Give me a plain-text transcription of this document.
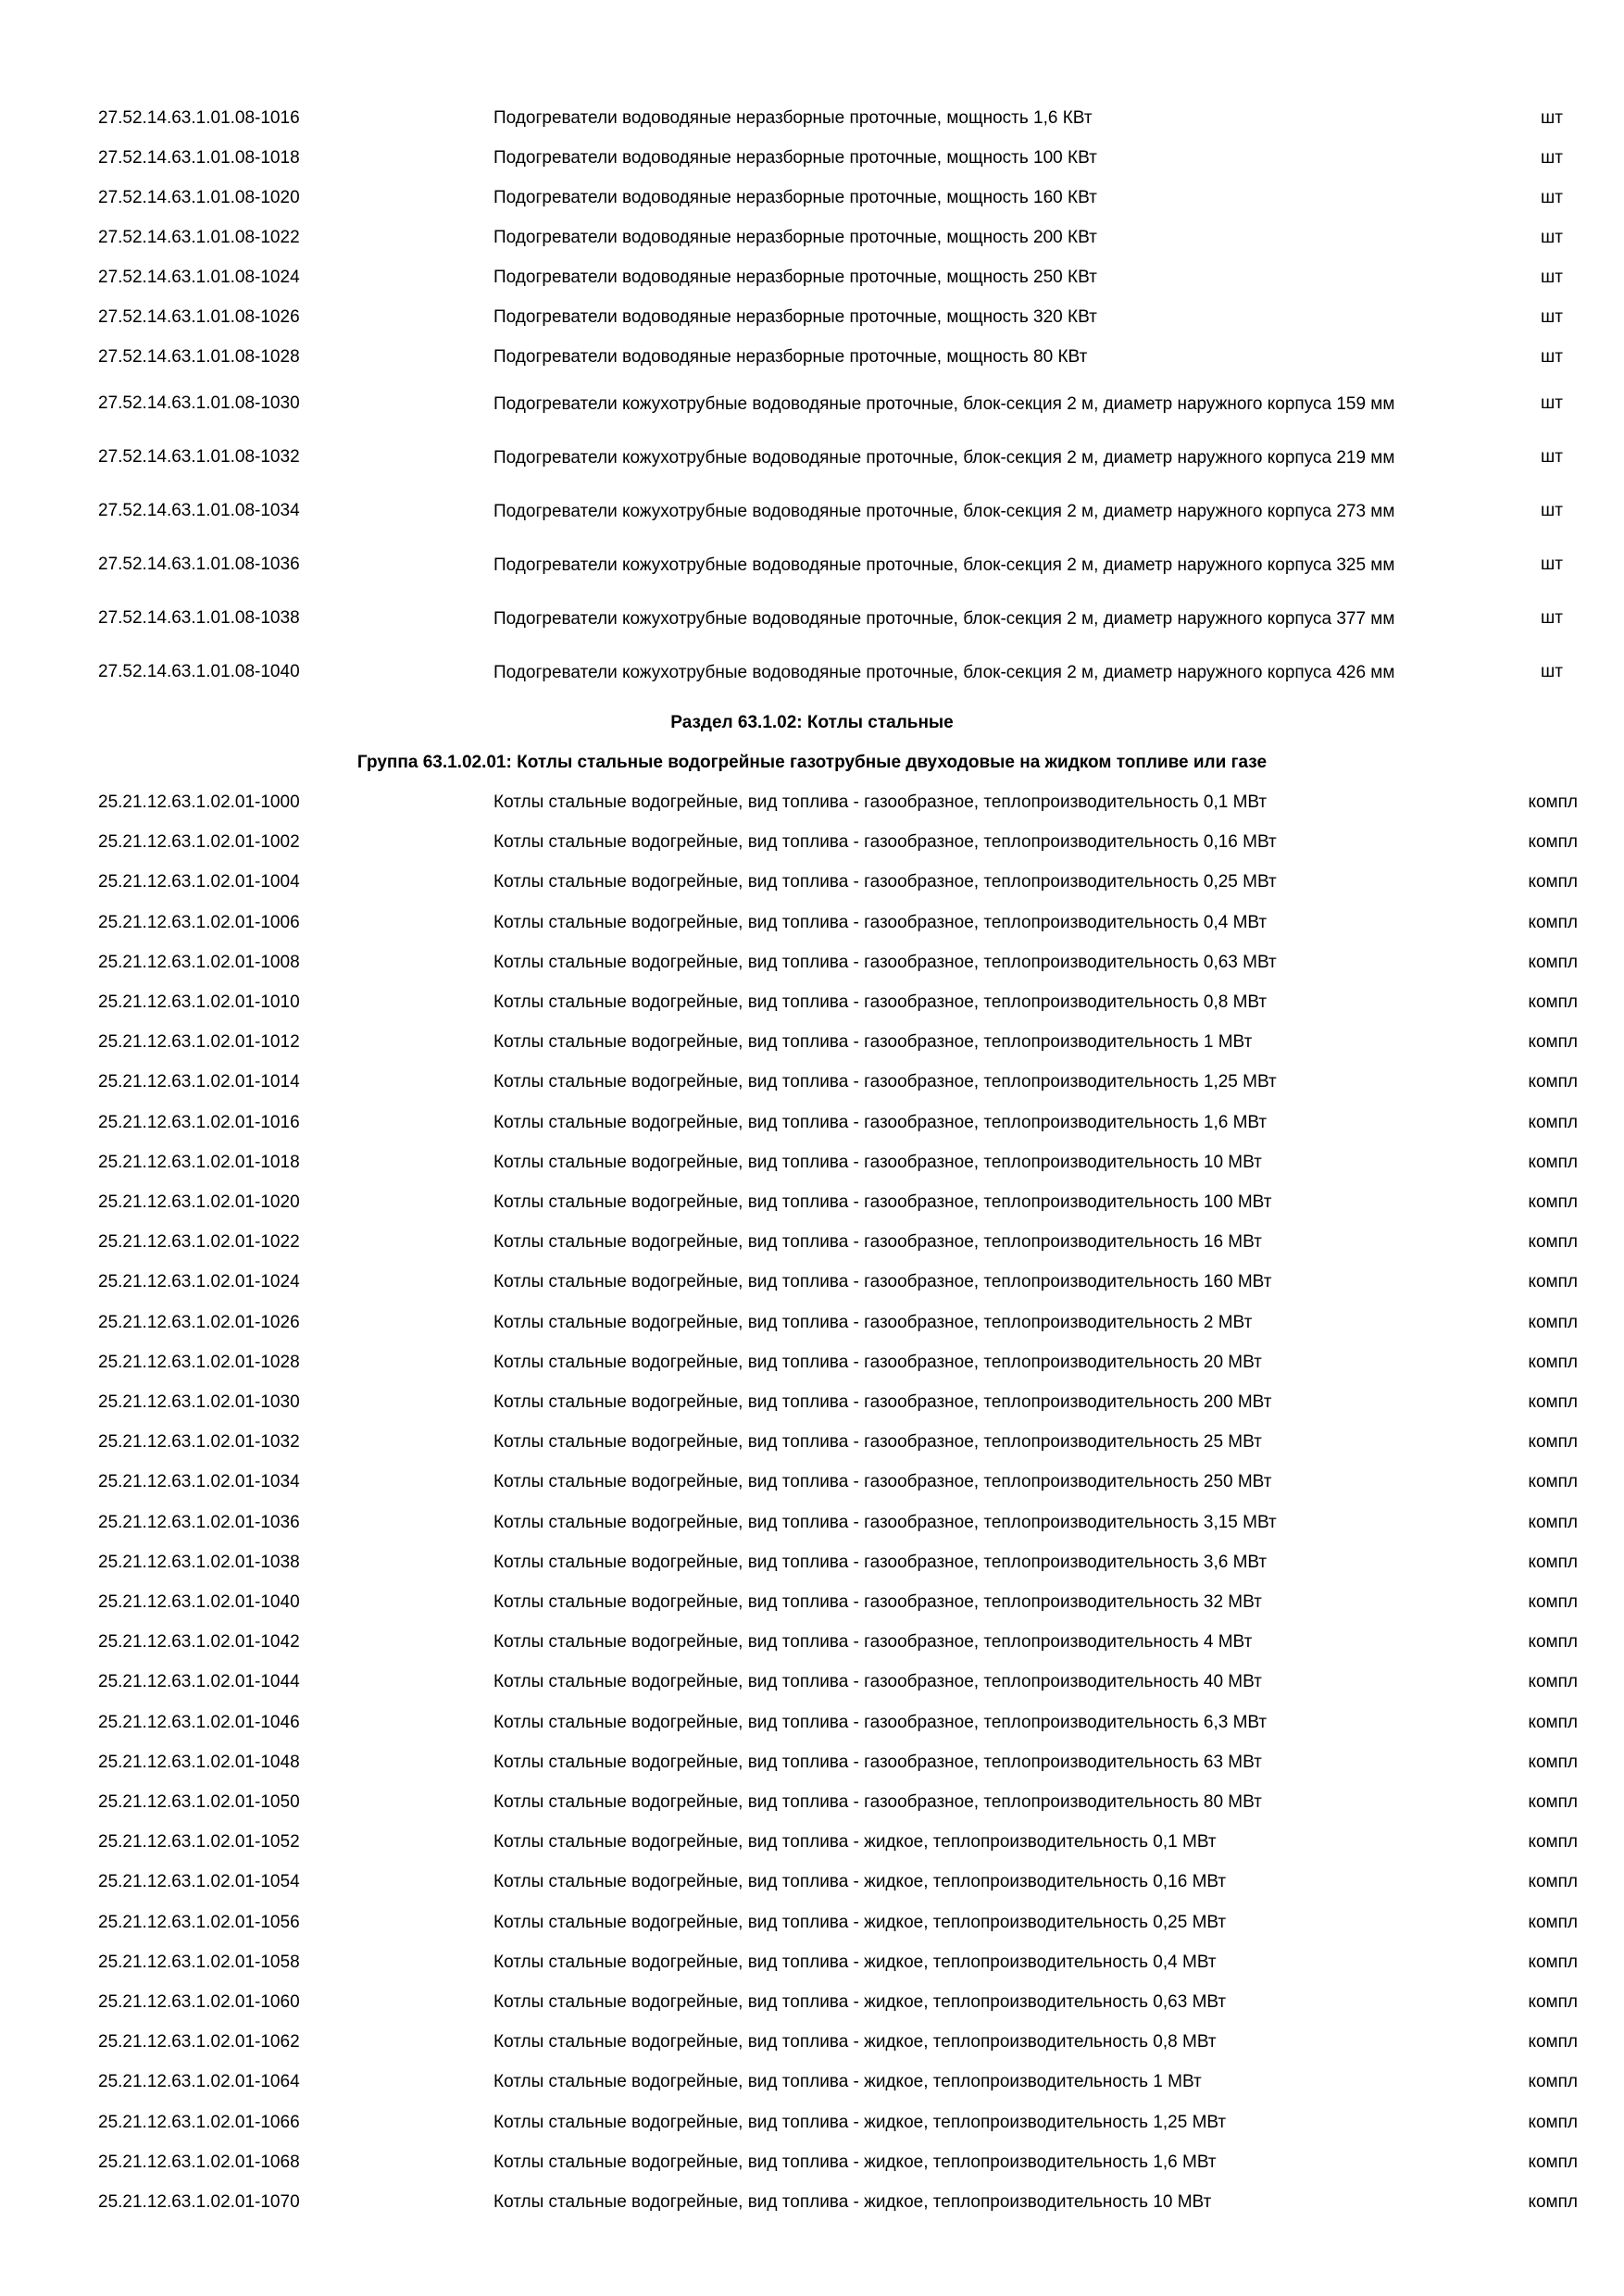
27.52.14.63.1.01.08-1016	Подогреватели водоводяные неразборные проточные, мощность 1,6 КВт	шт
27.52.14.63.1.01.08-1018	Подогреватели водоводяные неразборные проточные, мощность 100 КВт	шт
27.52.14.63.1.01.08-1020	Подогреватели водоводяные неразборные проточные, мощность 160 КВт	шт
27.52.14.63.1.01.08-1022	Подогреватели водоводяные неразборные проточные, мощность 200 КВт	шт
27.52.14.63.1.01.08-1024	Подогреватели водоводяные неразборные проточные, мощность 250 КВт	шт
27.52.14.63.1.01.08-1026	Подогреватели водоводяные неразборные проточные, мощность 320 КВт	шт
27.52.14.63.1.01.08-1028	Подогреватели водоводяные неразборные проточные, мощность 80 КВт	шт
27.52.14.63.1.01.08-1030	Подогреватели кожухотрубные водоводяные проточные, блок-секция 2 м, диаметр наружного корпуса 159 мм	шт
27.52.14.63.1.01.08-1032	Подогреватели кожухотрубные водоводяные проточные, блок-секция 2 м, диаметр наружного корпуса 219 мм	шт
27.52.14.63.1.01.08-1034	Подогреватели кожухотрубные водоводяные проточные, блок-секция 2 м, диаметр наружного корпуса 273 мм	шт
27.52.14.63.1.01.08-1036	Подогреватели кожухотрубные водоводяные проточные, блок-секция 2 м, диаметр наружного корпуса 325 мм	шт
27.52.14.63.1.01.08-1038	Подогреватели кожухотрубные водоводяные проточные, блок-секция 2 м, диаметр наружного корпуса 377 мм	шт
27.52.14.63.1.01.08-1040	Подогреватели кожухотрубные водоводяные проточные, блок-секция 2 м, диаметр наружного корпуса 426 мм	шт
Раздел 63.1.02: Котлы стальные
Группа 63.1.02.01: Котлы стальные водогрейные газотрубные двуходовые на жидком топливе или газе
25.21.12.63.1.02.01-1000	Котлы стальные водогрейные, вид топлива - газообразное, теплопроизводительность 0,1 МВт	компл
25.21.12.63.1.02.01-1002	Котлы стальные водогрейные, вид топлива - газообразное, теплопроизводительность 0,16 МВт	компл
25.21.12.63.1.02.01-1004	Котлы стальные водогрейные, вид топлива - газообразное, теплопроизводительность 0,25 МВт	компл
25.21.12.63.1.02.01-1006	Котлы стальные водогрейные, вид топлива - газообразное, теплопроизводительность 0,4 МВт	компл
25.21.12.63.1.02.01-1008	Котлы стальные водогрейные, вид топлива - газообразное, теплопроизводительность 0,63 МВт	компл
25.21.12.63.1.02.01-1010	Котлы стальные водогрейные, вид топлива - газообразное, теплопроизводительность 0,8 МВт	компл
25.21.12.63.1.02.01-1012	Котлы стальные водогрейные, вид топлива - газообразное, теплопроизводительность 1 МВт	компл
25.21.12.63.1.02.01-1014	Котлы стальные водогрейные, вид топлива - газообразное, теплопроизводительность 1,25 МВт	компл
25.21.12.63.1.02.01-1016	Котлы стальные водогрейные, вид топлива - газообразное, теплопроизводительность 1,6 МВт	компл
25.21.12.63.1.02.01-1018	Котлы стальные водогрейные, вид топлива - газообразное, теплопроизводительность 10 МВт	компл
25.21.12.63.1.02.01-1020	Котлы стальные водогрейные, вид топлива - газообразное, теплопроизводительность 100 МВт	компл
25.21.12.63.1.02.01-1022	Котлы стальные водогрейные, вид топлива - газообразное, теплопроизводительность 16 МВт	компл
25.21.12.63.1.02.01-1024	Котлы стальные водогрейные, вид топлива - газообразное, теплопроизводительность 160 МВт	компл
25.21.12.63.1.02.01-1026	Котлы стальные водогрейные, вид топлива - газообразное, теплопроизводительность 2 МВт	компл
25.21.12.63.1.02.01-1028	Котлы стальные водогрейные, вид топлива - газообразное, теплопроизводительность 20 МВт	компл
25.21.12.63.1.02.01-1030	Котлы стальные водогрейные, вид топлива - газообразное, теплопроизводительность 200 МВт	компл
25.21.12.63.1.02.01-1032	Котлы стальные водогрейные, вид топлива - газообразное, теплопроизводительность 25 МВт	компл
25.21.12.63.1.02.01-1034	Котлы стальные водогрейные, вид топлива - газообразное, теплопроизводительность 250 МВт	компл
25.21.12.63.1.02.01-1036	Котлы стальные водогрейные, вид топлива - газообразное, теплопроизводительность 3,15 МВт	компл
25.21.12.63.1.02.01-1038	Котлы стальные водогрейные, вид топлива - газообразное, теплопроизводительность 3,6 МВт	компл
25.21.12.63.1.02.01-1040	Котлы стальные водогрейные, вид топлива - газообразное, теплопроизводительность 32 МВт	компл
25.21.12.63.1.02.01-1042	Котлы стальные водогрейные, вид топлива - газообразное, теплопроизводительность 4 МВт	компл
25.21.12.63.1.02.01-1044	Котлы стальные водогрейные, вид топлива - газообразное, теплопроизводительность 40 МВт	компл
25.21.12.63.1.02.01-1046	Котлы стальные водогрейные, вид топлива - газообразное, теплопроизводительность 6,3 МВт	компл
25.21.12.63.1.02.01-1048	Котлы стальные водогрейные, вид топлива - газообразное, теплопроизводительность 63 МВт	компл
25.21.12.63.1.02.01-1050	Котлы стальные водогрейные, вид топлива - газообразное, теплопроизводительность 80 МВт	компл
25.21.12.63.1.02.01-1052	Котлы стальные водогрейные, вид топлива - жидкое, теплопроизводительность 0,1 МВт	компл
25.21.12.63.1.02.01-1054	Котлы стальные водогрейные, вид топлива - жидкое, теплопроизводительность 0,16 МВт	компл
25.21.12.63.1.02.01-1056	Котлы стальные водогрейные, вид топлива - жидкое, теплопроизводительность 0,25 МВт	компл
25.21.12.63.1.02.01-1058	Котлы стальные водогрейные, вид топлива - жидкое, теплопроизводительность 0,4 МВт	компл
25.21.12.63.1.02.01-1060	Котлы стальные водогрейные, вид топлива - жидкое, теплопроизводительность 0,63 МВт	компл
25.21.12.63.1.02.01-1062	Котлы стальные водогрейные, вид топлива - жидкое, теплопроизводительность 0,8 МВт	компл
25.21.12.63.1.02.01-1064	Котлы стальные водогрейные, вид топлива - жидкое, теплопроизводительность 1 МВт	компл
25.21.12.63.1.02.01-1066	Котлы стальные водогрейные, вид топлива - жидкое, теплопроизводительность 1,25 МВт	компл
25.21.12.63.1.02.01-1068	Котлы стальные водогрейные, вид топлива - жидкое, теплопроизводительность 1,6 МВт	компл
25.21.12.63.1.02.01-1070	Котлы стальные водогрейные, вид топлива - жидкое, теплопроизводительность 10 МВт	компл
